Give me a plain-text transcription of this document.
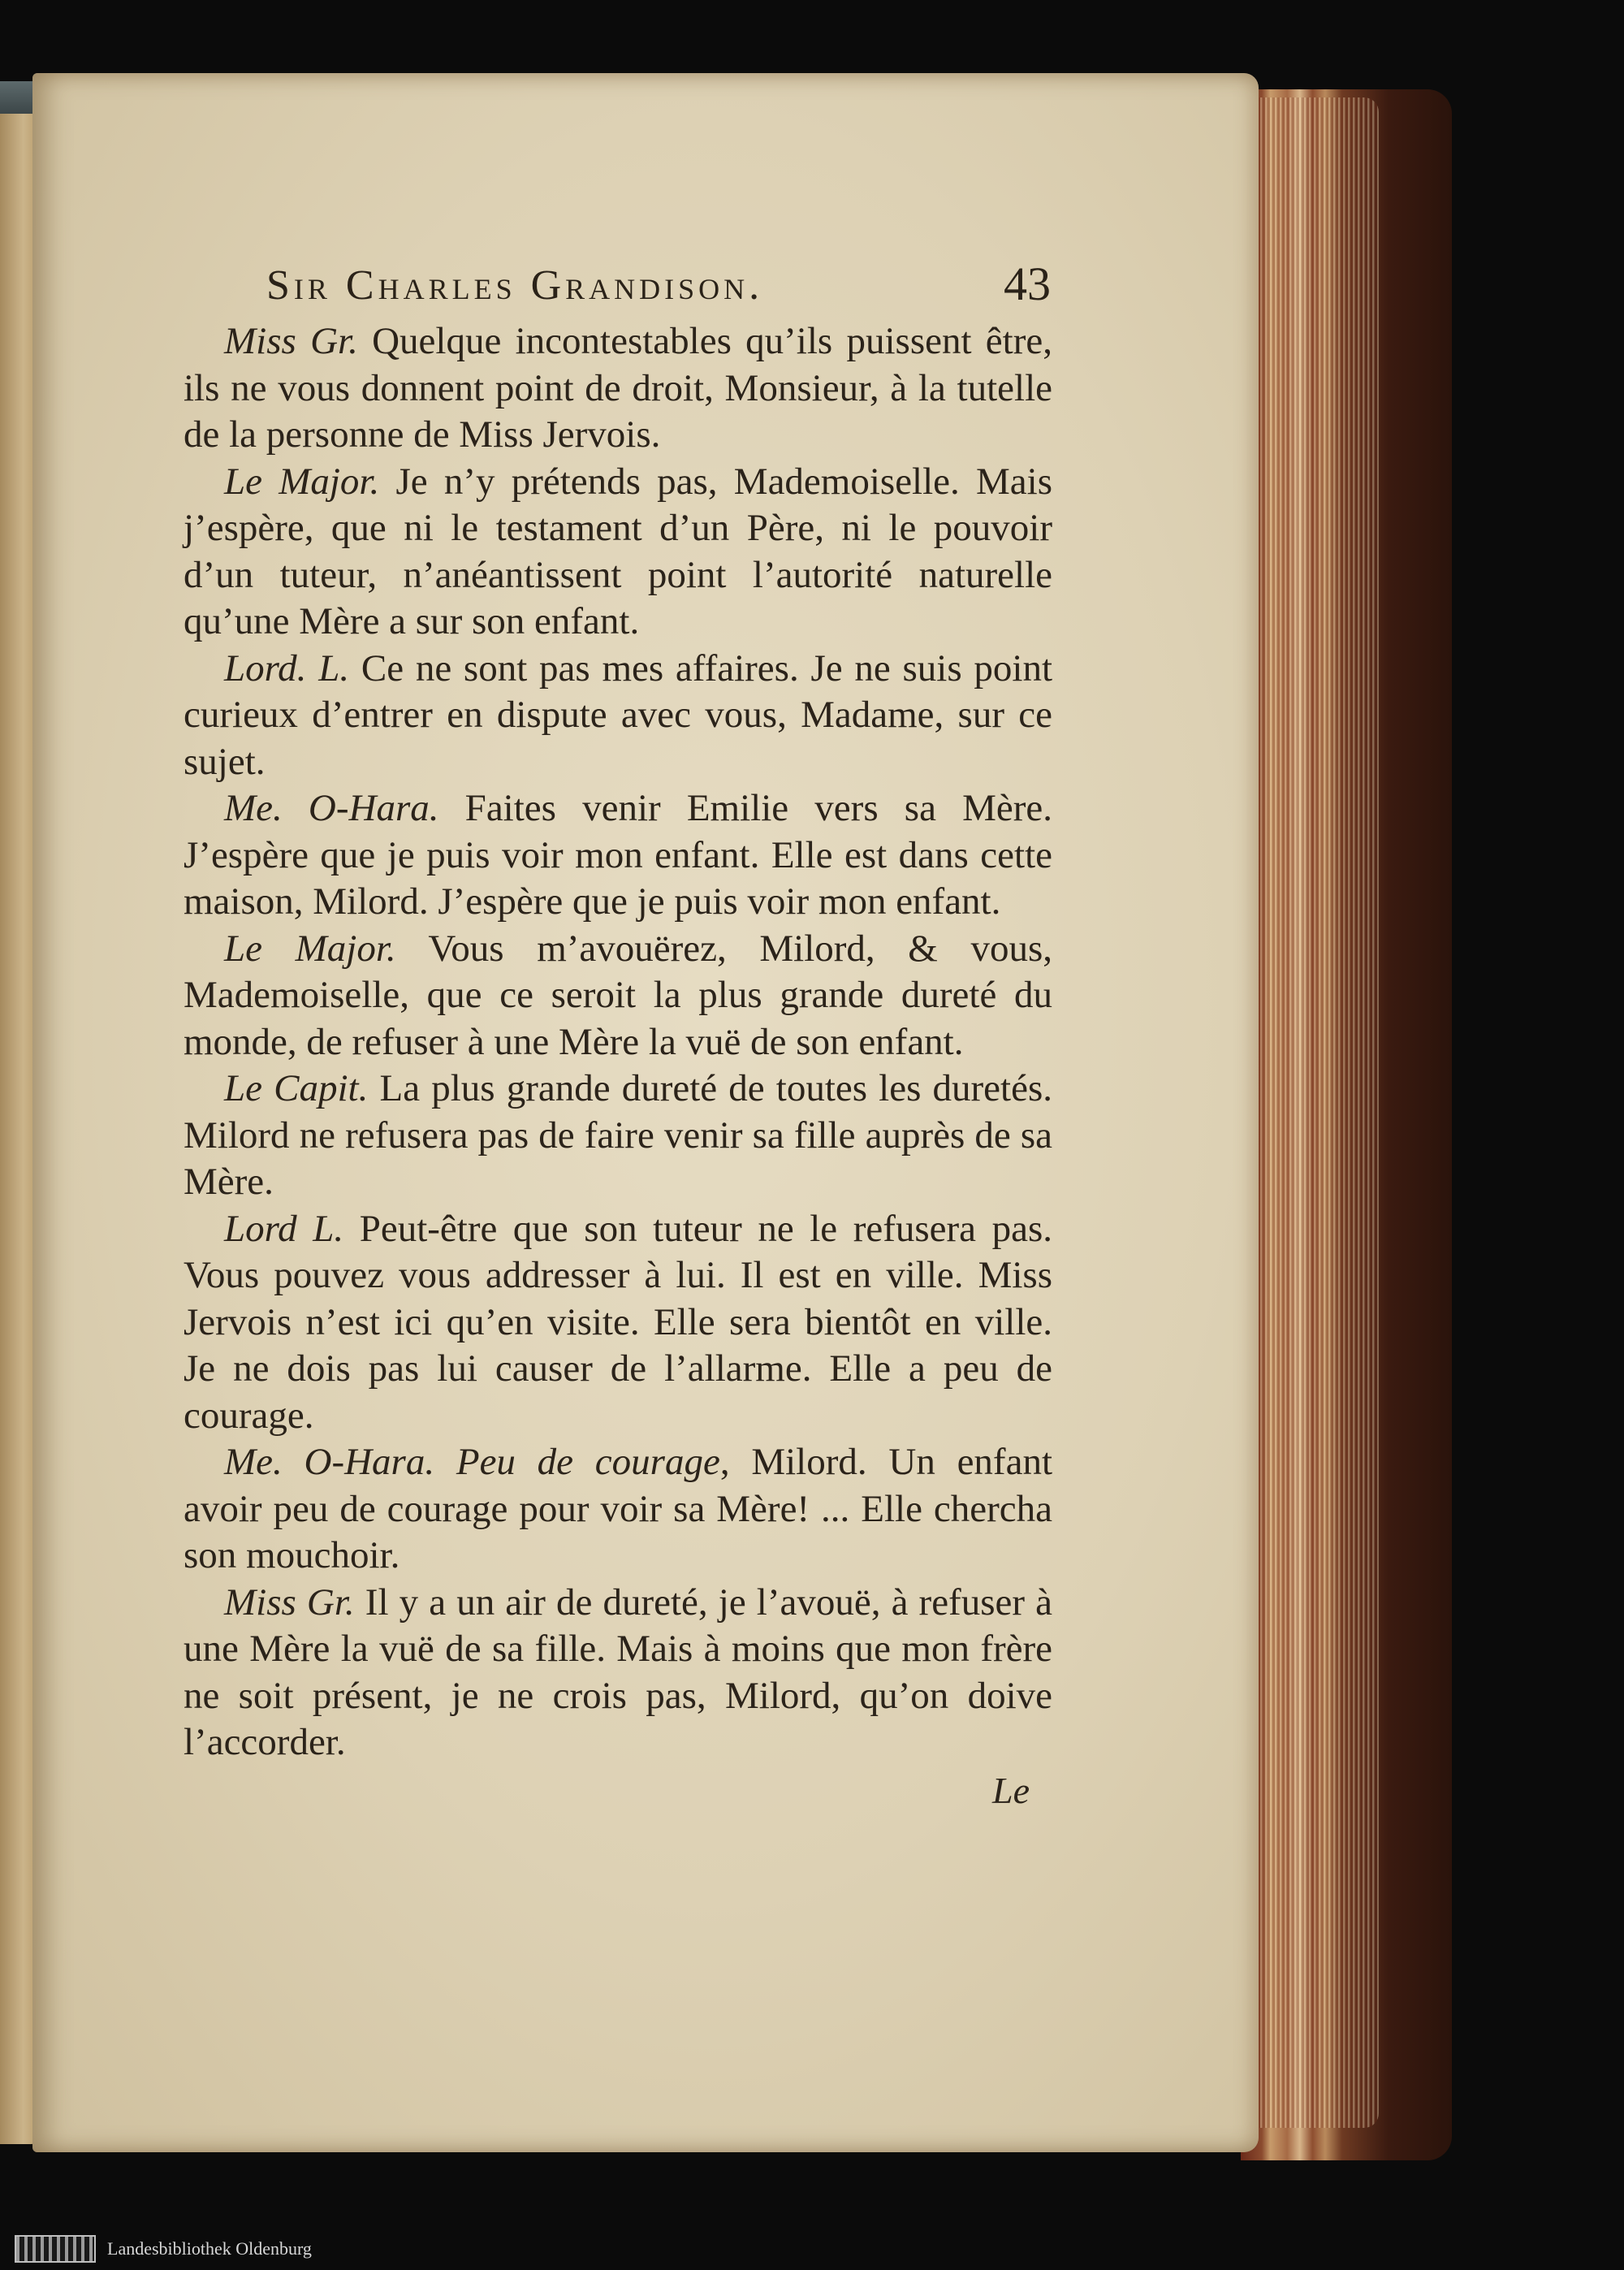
Sir Charles Grandison.	43

Miss Gr. Quelque incontestables qu’ils puissent être, ils ne vous donnent point de droit, Monsieur, à la tutelle de la personne de Miss Jervois.

Le Major. Je n’y prétends pas, Mademoiselle. Mais j’espère, que ni le testament d’un Père, ni le pouvoir d’un tuteur, n’anéantissent point l’autorité naturelle qu’une Mère a sur son enfant.

Lord. L. Ce ne sont pas mes affaires. Je ne suis point curieux d’entrer en dispute avec vous, Madame, sur ce sujet.

Me. O-Hara. Faites venir Emilie vers sa Mère. J’espère que je puis voir mon enfant. Elle est dans cette maison, Milord. J’espère que je puis voir mon enfant.

Le Major. Vous m’avouërez, Milord, & vous, Mademoiselle, que ce seroit la plus grande dureté du monde, de refuser à une Mère la vuë de son enfant.

Le Capit. La plus grande dureté de toutes les duretés. Milord ne refusera pas de faire venir sa fille auprès de sa Mère.

Lord L. Peut-être que son tuteur ne le refusera pas. Vous pouvez vous addresser à lui. Il est en ville. Miss Jervois n’est ici qu’en visite. Elle sera bientôt en ville. Je ne dois pas lui causer de l’allarme. Elle a peu de courage.

Me. O-Hara. Peu de courage, Milord. Un enfant avoir peu de courage pour voir sa Mère! ... Elle chercha son mouchoir.

Miss Gr. Il y a un air de dureté, je l’avouë, à refuser à une Mère la vuë de sa fille. Mais à moins que mon frère ne soit présent, je ne crois pas, Milord, qu’on doive l’accorder.

Le
Landesbibliothek Oldenburg
